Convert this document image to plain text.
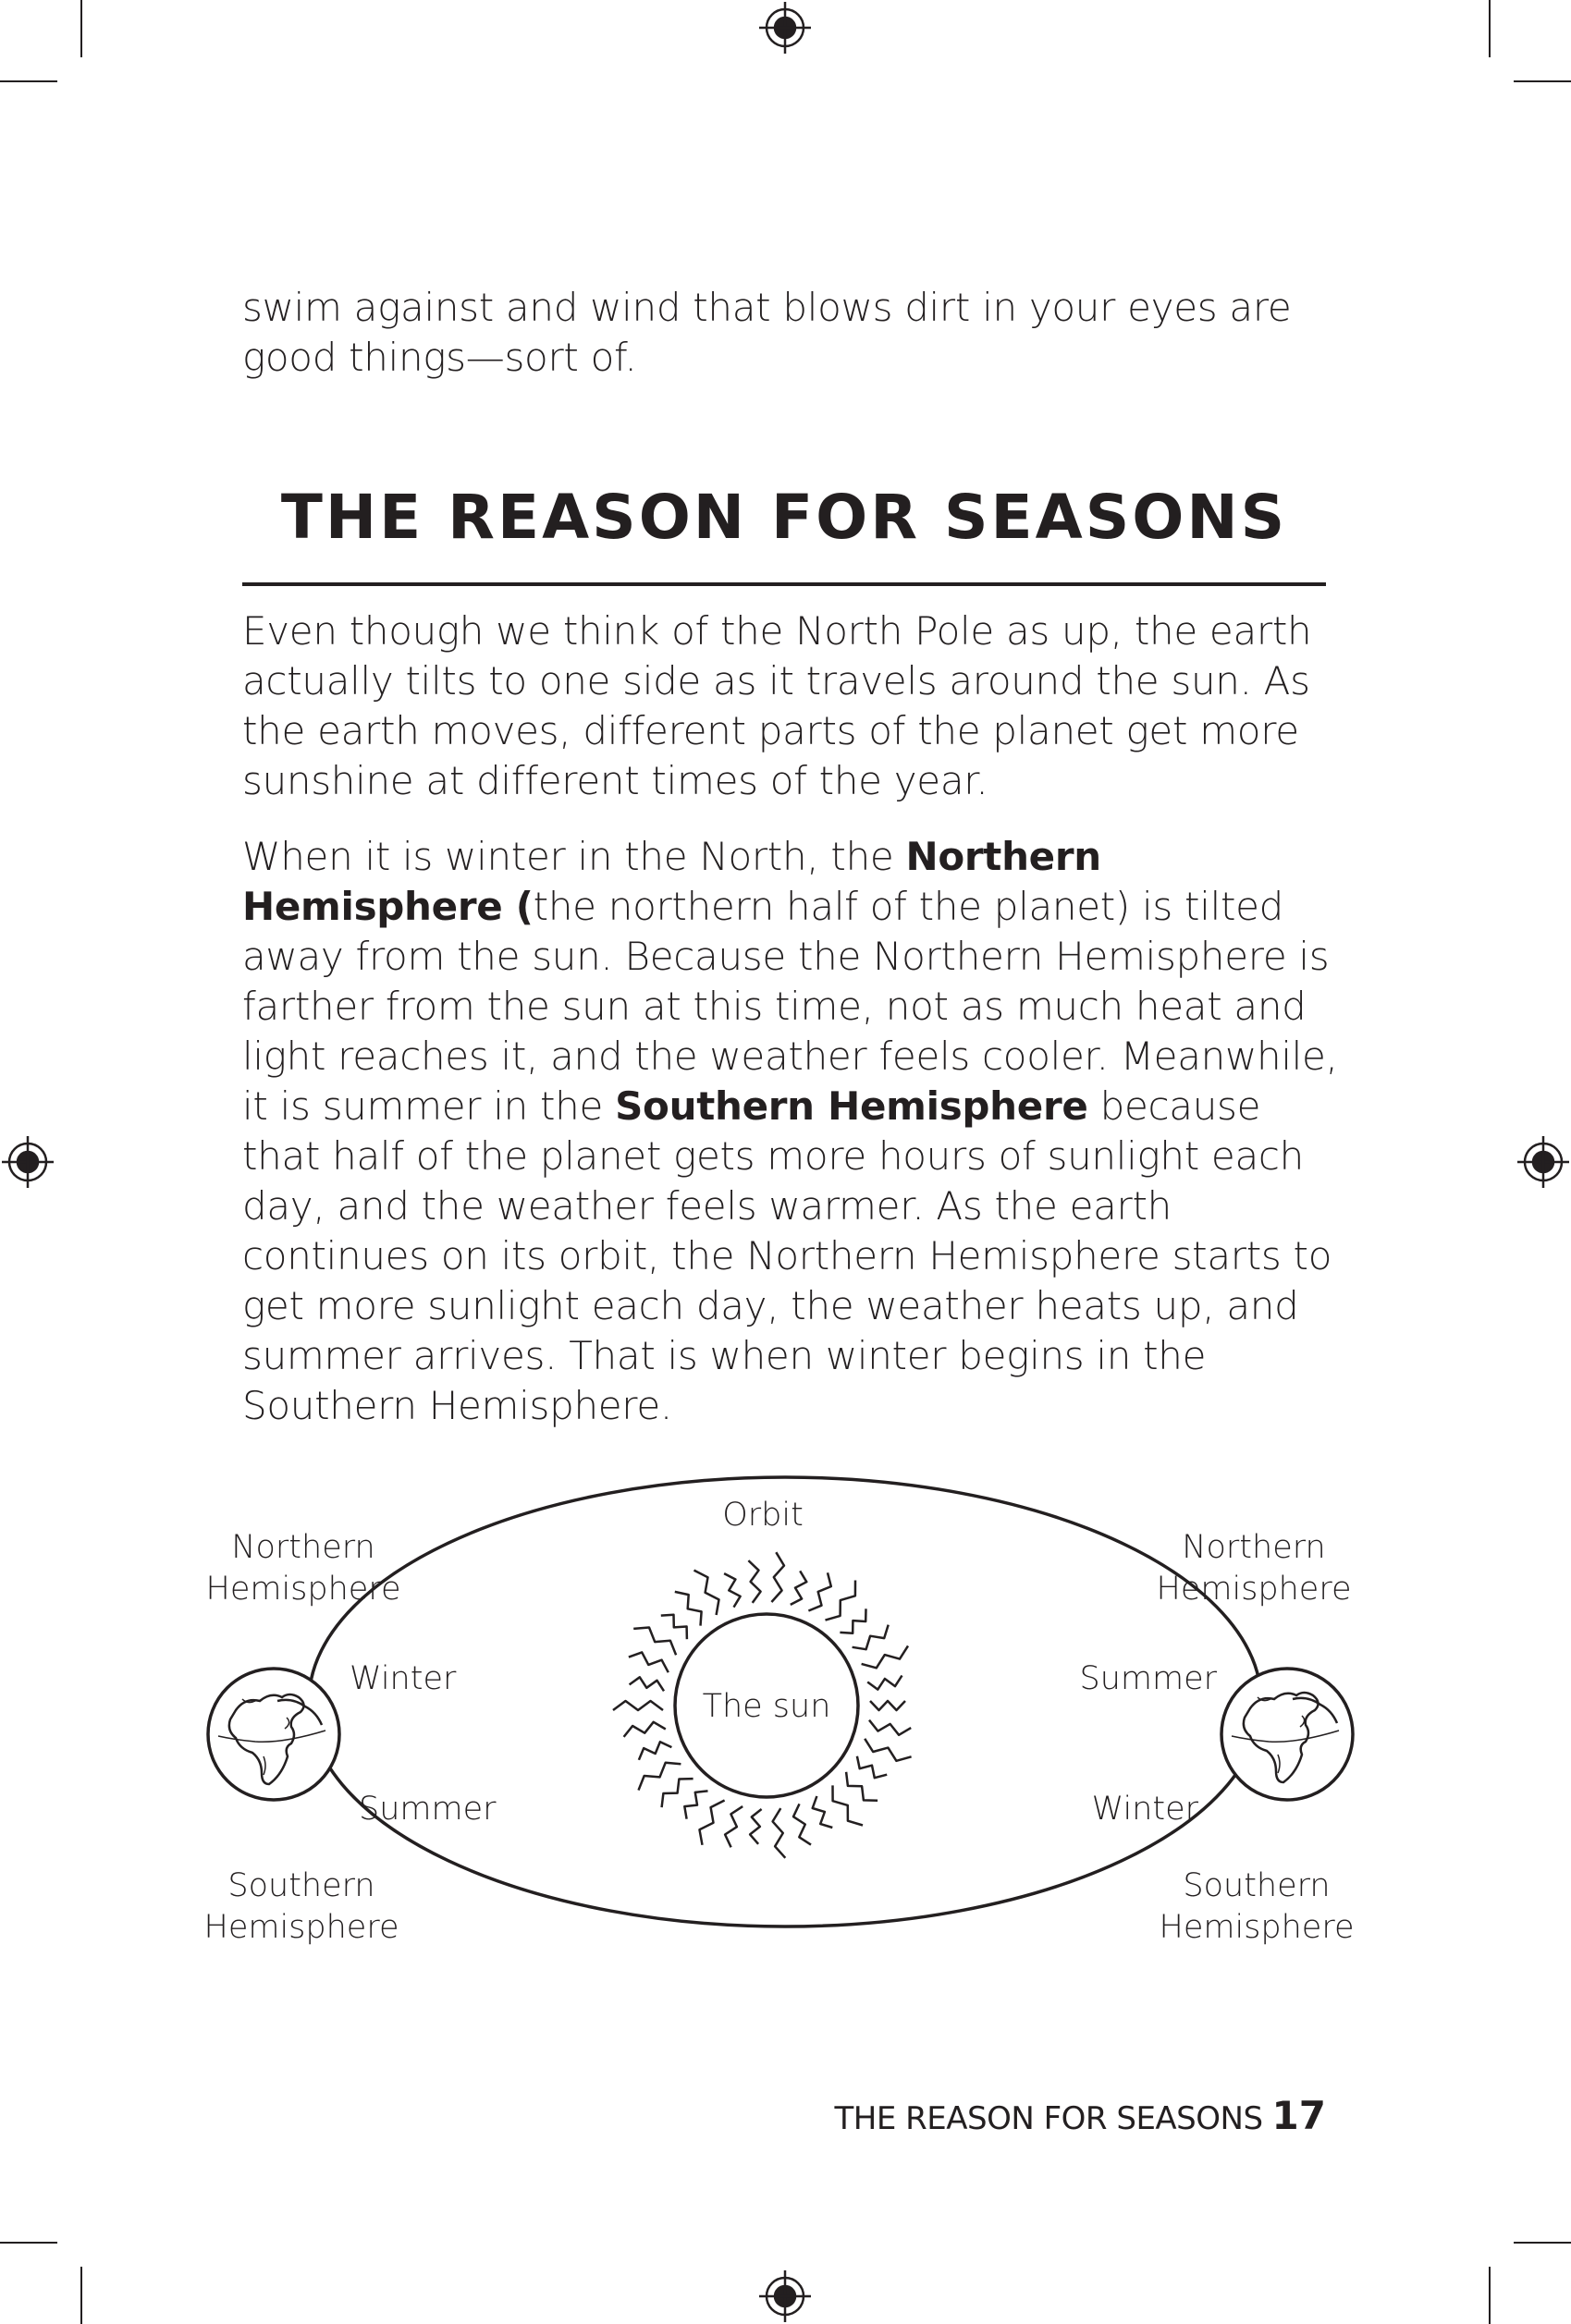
swim against and wind that blows dirt in your eyes are good things—sort of.

THE REASON FOR SEASONS

Even though we think of the North Pole as up, the earth actually tilts to one side as it travels around the sun. As the earth moves, different parts of the planet get more sunshine at different times of the year.

When it is winter in the North, the Northern Hemisphere (the northern half of the planet) is tilted away from the sun. Because the Northern Hemisphere is farther from the sun at this time, not as much heat and light reaches it, and the weather feels cooler. Meanwhile, it is summer in the Southern Hemisphere because that half of the planet gets more hours of sunlight each day, and the weather feels warmer. As the earth continues on its orbit, the Northern Hemisphere starts to get more sunlight each day, the weather heats up, and summer arrives. That is when winter begins in the Southern Hemisphere.

Orbit
The sun
Northern
Hemisphere
Winter
Summer
Southern
Hemisphere
Northern
Hemisphere
Summer
Winter
Southern
Hemisphere
THE REASON FOR SEASONS 17
